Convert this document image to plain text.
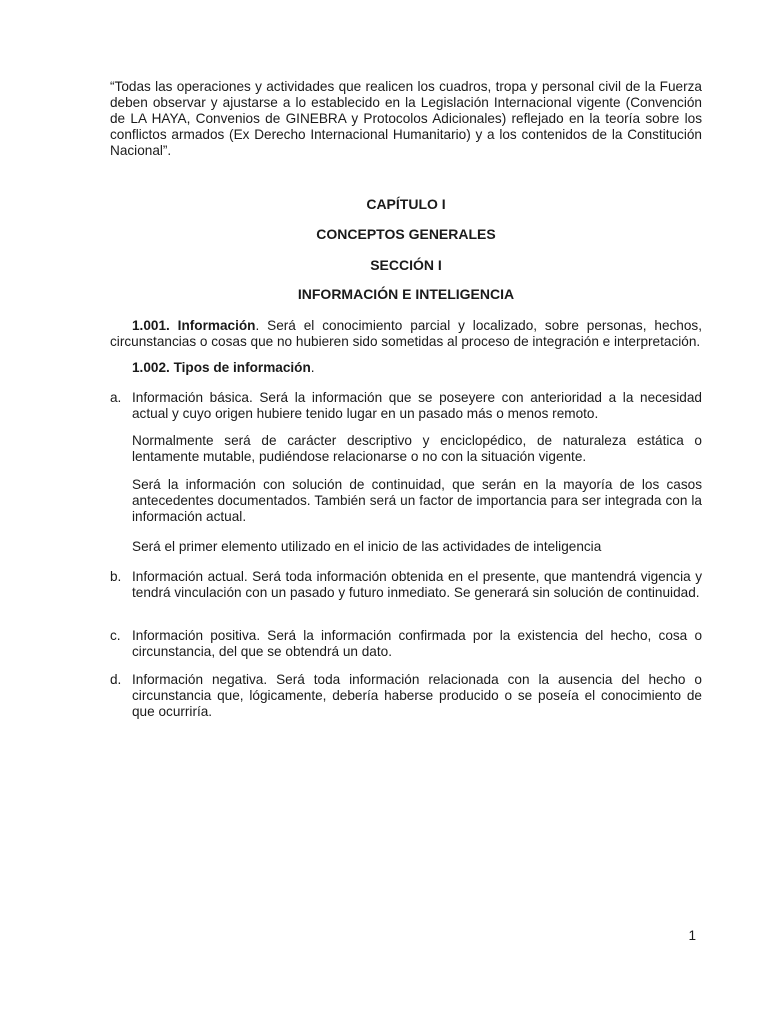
“Todas las operaciones y actividades que realicen los cuadros, tropa y personal civil de la Fuerza deben observar y ajustarse a lo establecido en la Legislación Internacional vigente (Convención de LA HAYA, Convenios de GINEBRA y Protocolos Adicionales) reflejado en la teoría sobre los conflictos armados (Ex Derecho Internacional Humanitario) y a los contenidos de la Constitución Nacional”.

CAPÍTULO I

CONCEPTOS GENERALES

SECCIÓN I

INFORMACIÓN E INTELIGENCIA

1.001. Información. Será el conocimiento parcial y localizado, sobre personas, hechos, circunstancias o cosas que no hubieren sido sometidas al proceso de integración e interpretación.

1.002. Tipos de información.

a. Información básica. Será la información que se poseyere con anterioridad a la necesidad actual y cuyo origen hubiere tenido lugar en un pasado más o menos remoto.

Normalmente será de carácter descriptivo y enciclopédico, de naturaleza estática o lentamente mutable, pudiéndose relacionarse o no con la situación vigente.

Será la información con solución de continuidad, que serán en la mayoría de los casos antecedentes documentados. También será un factor de importancia para ser integrada con la información actual.

Será el primer elemento utilizado en el inicio de las actividades de inteligencia

b. Información actual. Será toda información obtenida en el presente, que mantendrá vigencia y tendrá vinculación con un pasado y futuro inmediato. Se generará sin solución de continuidad.
c. Información positiva. Será la información confirmada por la existencia del hecho, cosa o circunstancia, del que se obtendrá un dato.
d. Información negativa. Será toda información relacionada con la ausencia del hecho o circunstancia que, lógicamente, debería haberse producido o se poseía el conocimiento de que ocurriría.
1
